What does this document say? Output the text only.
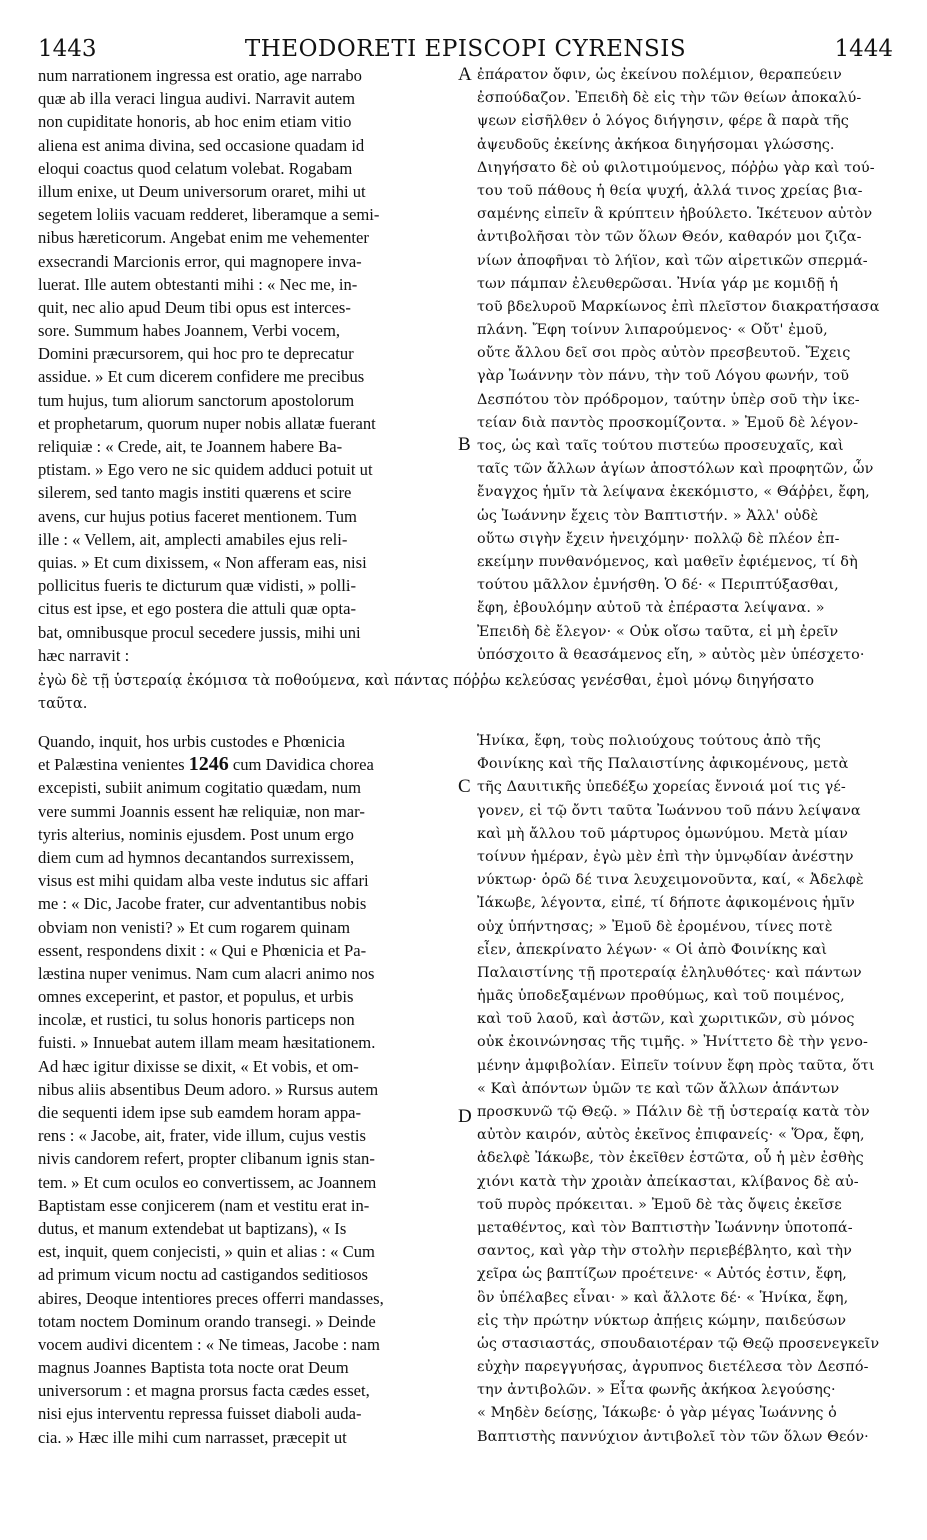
1443	THEODORETI EPISCOPI CYRENSIS	1444
num narrationem ingressa est oratio, age narrabo
quæ ab illa veraci lingua audivi. Narravit autem
non cupiditate honoris, ab hoc enim etiam vitio
aliena est anima divina, sed occasione quadam id
eloqui coactus quod celatum volebat. Rogabam
illum enixe, ut Deum universorum oraret, mihi ut
segetem loliis vacuam redderet, liberamque a semi-
nibus hæreticorum. Angebat enim me vehementer
exsecrandi Marcionis error, qui magnopere inva-
luerat. Ille autem obtestanti mihi : « Nec me, in-
quit, nec alio apud Deum tibi opus est interces-
sore. Summum habes Joannem, Verbi vocem,
Domini præcursorem, qui hoc pro te deprecatur
assidue. » Et cum dicerem confidere me precibus
tum hujus, tum aliorum sanctorum apostolorum
et prophetarum, quorum nuper nobis allatæ fuerant
reliquiæ : « Crede, ait, te Joannem habere Ba-
ptistam. » Ego vero ne sic quidem adduci potuit ut
silerem, sed tanto magis institi quærens et scire
avens, cur hujus potius faceret mentionem. Tum
ille : « Vellem, ait, amplecti amabiles ejus reli-
quias. » Et cum dixissem, « Non afferam eas, nisi
pollicitus fueris te dicturum quæ vidisti, » polli-
citus est ipse, et ego postera die attuli quæ opta-
bat, omnibusque procul secedere jussis, mihi uni
hæc narravit :
ἐπάρατον ὄφιν, ὡς ἐκείνου πολέμιον, θεραπεύειν
ἐσπούδαζον. Ἐπειδὴ δὲ εἰς τὴν τῶν θείων ἀποκαλύ-
ψεων εἰσῆλθεν ὁ λόγος διήγησιν, φέρε ἃ παρὰ τῆς
ἀψευδοῦς ἐκείνης ἀκήκοα διηγήσομαι γλώσσης.
Διηγήσατο δὲ οὐ φιλοτιμούμενος, πόῤῥω γὰρ καὶ τού-
του τοῦ πάθους ἡ θεία ψυχή, ἀλλά τινος χρείας βια-
σαμένης εἰπεῖν ἃ κρύπτειν ἠβούλετο. Ἱκέτευον αὐτὸν
ἀντιβολῆσαι τὸν τῶν ὅλων Θεόν, καθαρόν μοι ζιζα-
νίων ἀποφῆναι τὸ λήϊον, καὶ τῶν αἱρετικῶν σπερμά-
των πάμπαν ἐλευθερῶσαι. Ἠνία γάρ με κομιδῇ ἡ
τοῦ βδελυροῦ Μαρκίωνος ἐπὶ πλεῖστον διακρατήσασα
πλάνη. Ἔφη τοίνυν λιπαρούμενος· « Οὔτ' ἐμοῦ,
οὔτε ἄλλου δεῖ σοι πρὸς αὐτὸν πρεσβευτοῦ. Ἔχεις
γὰρ Ἰωάννην τὸν πάνυ, τὴν τοῦ Λόγου φωνήν, τοῦ
Δεσπότου τὸν πρόδρομον, ταύτην ὑπὲρ σοῦ τὴν ἱκε-
τείαν διὰ παντὸς προσκομίζοντα. » Ἐμοῦ δὲ λέγον-
τος, ὡς καὶ ταῖς τούτου πιστεύω προσευχαῖς, καὶ
ταῖς τῶν ἄλλων ἁγίων ἀποστόλων καὶ προφητῶν, ὧν
ἔναγχος ἡμῖν τὰ λείψανα ἐκεκόμιστο, « Θάῤῥει, ἔφη,
ὡς Ἰωάννην ἔχεις τὸν Βαπτιστήν. » Ἀλλ' οὐδὲ
οὕτω σιγὴν ἔχειν ἠνειχόμην· πολλῷ δὲ πλέον ἐπ-
εκείμην πυνθανόμενος, καὶ μαθεῖν ἐφιέμενος, τί δὴ
τούτου μᾶλλον ἐμνήσθη. Ὁ δέ· « Περιπτύξασθαι,
ἔφη, ἐβουλόμην αὐτοῦ τὰ ἐπέραστα λείψανα. »
Ἐπειδὴ δὲ ἔλεγον· « Οὐκ οἴσω ταῦτα, εἰ μὴ ἐρεῖν
ὑπόσχοιτο ἃ θεασάμενος εἴη, » αὐτὸς μὲν ὑπέσχετο·
A
B
ἐγὼ δὲ τῇ ὑστεραίᾳ ἐκόμισα τὰ ποθούμενα, καὶ πάντας πόῤῥω κελεύσας γενέσθαι, ἐμοὶ μόνῳ διηγήσατο
ταῦτα.
Quando, inquit, hos urbis custodes e Phœnicia
et Palæstina venientes 1246 cum Davidica chorea
excepisti, subiit animum cogitatio quædam, num
vere summi Joannis essent hæ reliquiæ, non mar-
tyris alterius, nominis ejusdem. Post unum ergo
diem cum ad hymnos decantandos surrexissem,
visus est mihi quidam alba veste indutus sic affari
me : « Dic, Jacobe frater, cur adventantibus nobis
obviam non venisti? » Et cum rogarem quinam
essent, respondens dixit : « Qui e Phœnicia et Pa-
læstina nuper venimus. Nam cum alacri animo nos
omnes exceperint, et pastor, et populus, et urbis
incolæ, et rustici, tu solus honoris particeps non
fuisti. » Innuebat autem illam meam hæsitationem.
Ad hæc igitur dixisse se dixit, « Et vobis, et om-
nibus aliis absentibus Deum adoro. » Rursus autem
die sequenti idem ipse sub eamdem horam appa-
rens : « Jacobe, ait, frater, vide illum, cujus vestis
nivis candorem refert, propter clibanum ignis stan-
tem. » Et cum oculos eo convertissem, ac Joannem
Baptistam esse conjicerem (nam et vestitu erat in-
dutus, et manum extendebat ut baptizans), « Is
est, inquit, quem conjecisti, » quin et alias : « Cum
ad primum vicum noctu ad castigandos seditiosos
abires, Deoque intentiores preces offerri mandasses,
totam noctem Dominum orando transegi. » Deinde
vocem audivi dicentem : « Ne timeas, Jacobe : nam
magnus Joannes Baptista tota nocte orat Deum
universorum : et magna prorsus facta cædes esset,
nisi ejus interventu repressa fuisset diaboli auda-
cia. » Hæc ille mihi cum narrasset, præcepit ut
Ἡνίκα, ἔφη, τοὺς πολιούχους τούτους ἀπὸ τῆς
Φοινίκης καὶ τῆς Παλαιστίνης ἀφικομένους, μετὰ
τῆς Δαυιτικῆς ὑπεδέξω χορείας ἔννοιά μοί τις γέ-
γονεν, εἰ τῷ ὄντι ταῦτα Ἰωάννου τοῦ πάνυ λείψανα
καὶ μὴ ἄλλου τοῦ μάρτυρος ὁμωνύμου. Μετὰ μίαν
τοίνυν ἡμέραν, ἐγὼ μὲν ἐπὶ τὴν ὑμνῳδίαν ἀνέστην
νύκτωρ· ὁρῶ δέ τινα λευχειμονοῦντα, καί, « Ἀδελφὲ
Ἰάκωβε, λέγοντα, εἰπέ, τί δήποτε ἀφικομένοις ἡμῖν
οὐχ ὑπήντησας; » Ἐμοῦ δὲ ἐρομένου, τίνες ποτὲ
εἶεν, ἀπεκρίνατο λέγων· « Οἱ ἀπὸ Φοινίκης καὶ
Παλαιστίνης τῇ προτεραίᾳ ἐληλυθότες· καὶ πάντων
ἡμᾶς ὑποδεξαμένων προθύμως, καὶ τοῦ ποιμένος,
καὶ τοῦ λαοῦ, καὶ ἀστῶν, καὶ χωριτικῶν, σὺ μόνος
οὐκ ἐκοινώνησας τῆς τιμῆς. » Ἠνίττετο δὲ τὴν γενο-
μένην ἀμφιβολίαν. Εἰπεῖν τοίνυν ἔφη πρὸς ταῦτα, ὅτι
« Καὶ ἀπόντων ὑμῶν τε καὶ τῶν ἄλλων ἁπάντων
προσκυνῶ τῷ Θεῷ. » Πάλιν δὲ τῇ ὑστεραίᾳ κατὰ τὸν
αὐτὸν καιρόν, αὐτὸς ἐκεῖνος ἐπιφανείς· « Ὅρα, ἔφη,
ἀδελφὲ Ἰάκωβε, τὸν ἐκεῖθεν ἑστῶτα, οὗ ἡ μὲν ἐσθὴς
χιόνι κατὰ τὴν χροιὰν ἀπείκασται, κλίβανος δὲ αὐ-
τοῦ πυρὸς πρόκειται. » Ἐμοῦ δὲ τὰς ὄψεις ἐκεῖσε
μεταθέντος, καὶ τὸν Βαπτιστὴν Ἰωάννην ὑποτοπά-
σαντος, καὶ γὰρ τὴν στολὴν περιεβέβλητο, καὶ τὴν
χεῖρα ὡς βαπτίζων προέτεινε· « Αὐτός ἐστιν, ἔφη,
ὃν ὑπέλαβες εἶναι· » καὶ ἄλλοτε δέ· « Ἡνίκα, ἔφη,
εἰς τὴν πρώτην νύκτωρ ἀπῄεις κώμην, παιδεύσων
ὡς στασιαστάς, σπουδαιοτέραν τῷ Θεῷ προσενεγκεῖν
εὐχὴν παρεγγυήσας, ἀγρυπνος διετέλεσα τὸν Δεσπό-
την ἀντιβολῶν. » Εἶτα φωνῆς ἀκήκοα λεγούσης·
« Μηδὲν δείσῃς, Ἰάκωβε· ὁ γὰρ μέγας Ἰωάννης ὁ
Βαπτιστὴς παννύχιον ἀντιβολεῖ τὸν τῶν ὅλων Θεόν·
C
D
